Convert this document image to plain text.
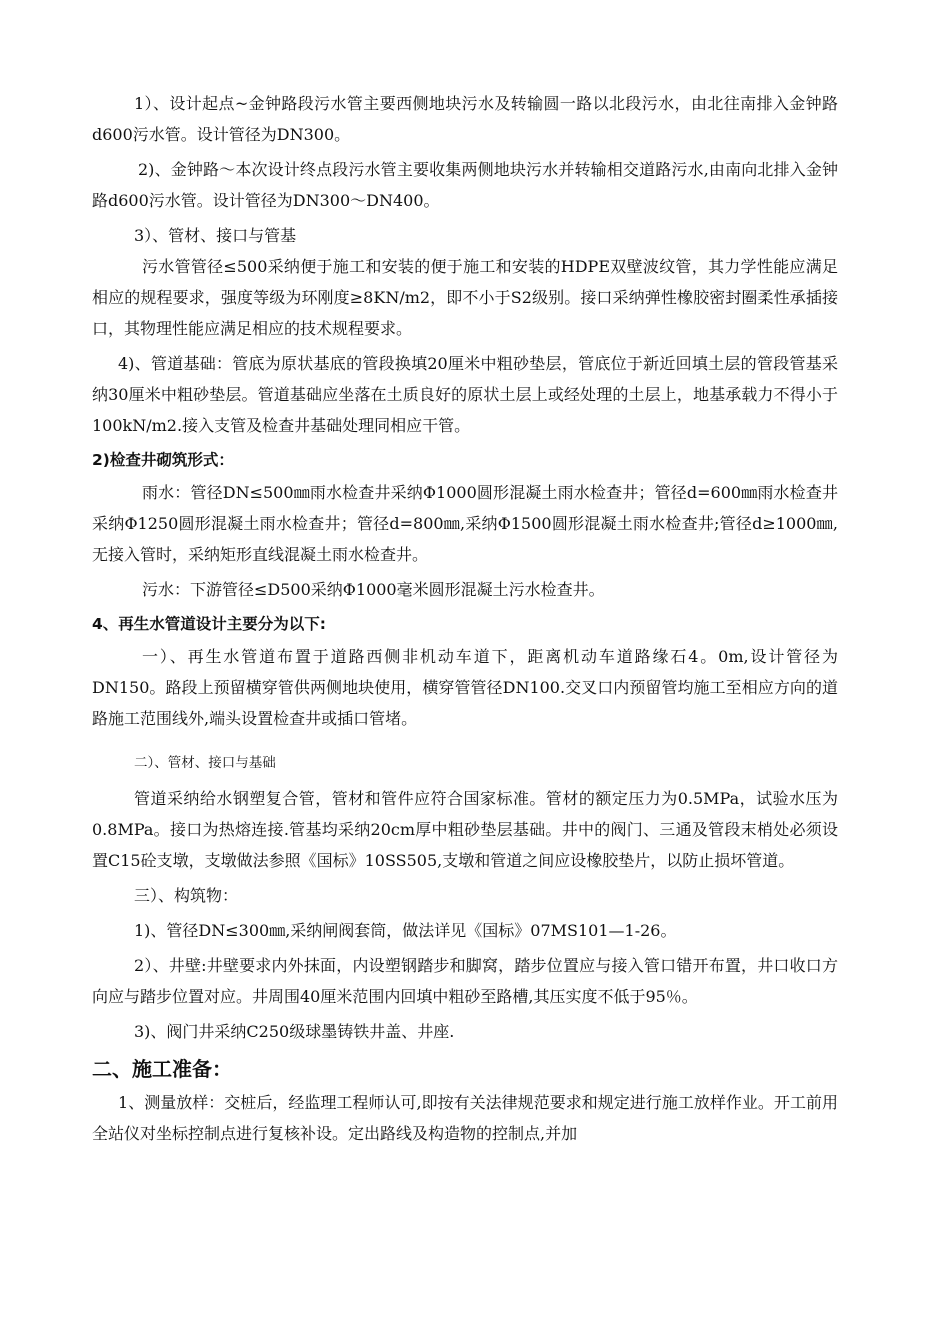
1）、设计起点~金钟路段污水管主要西侧地块污水及转输圆一路以北段污水，由北往南排入金钟路d600污水管。设计管径为DN300。

2)、金钟路～本次设计终点段污水管主要收集两侧地块污水并转输相交道路污水,由南向北排入金钟路d600污水管。设计管径为DN300～DN400。

3）、管材、接口与管基

污水管管径≤500采纳便于施工和安装的便于施工和安装的HDPE双壁波纹管，其力学性能应满足相应的规程要求，强度等级为环刚度≥8KN/m2，即不小于S2级别。接口采纳弹性橡胶密封圈柔性承插接口，其物理性能应满足相应的技术规程要求。

4)、管道基础：管底为原状基底的管段换填20厘米中粗砂垫层，管底位于新近回填土层的管段管基采纳30厘米中粗砂垫层。管道基础应坐落在土质良好的原状土层上或经处理的土层上，地基承载力不得小于100kN/m2.接入支管及检查井基础处理同相应干管。

2)检查井砌筑形式：

雨水：管径DN≤500㎜雨水检查井采纳Φ1000圆形混凝土雨水检查井；管径d=600㎜雨水检查井采纳Φ1250圆形混凝土雨水检查井；管径d=800㎜,采纳Φ1500圆形混凝土雨水检查井;管径d≥1000㎜,无接入管时，采纳矩形直线混凝土雨水检查井。

污水：下游管径≤D500采纳Φ1000毫米圆形混凝土污水检查井。

4、再生水管道设计主要分为以下:

一）、再生水管道布置于道路西侧非机动车道下，距离机动车道路缘石4。0m,设计管径为DN150。路段上预留横穿管供两侧地块使用，横穿管管径DN100.交叉口内预留管均施工至相应方向的道路施工范围线外,端头设置检查井或插口管堵。

二）、管材、接口与基础

管道采纳给水钢塑复合管，管材和管件应符合国家标准。管材的额定压力为0.5MPa，试验水压为0.8MPa。接口为热熔连接.管基均采纳20cm厚中粗砂垫层基础。井中的阀门、三通及管段末梢处必须设置C15砼支墩，支墩做法参照《国标》10SS505,支墩和管道之间应设橡胶垫片，以防止损坏管道。

三）、构筑物：

1)、管径DN≤300㎜,采纳闸阀套筒，做法详见《国标》07MS101—1-26。

2）、井壁:井壁要求内外抹面，内设塑钢踏步和脚窝，踏步位置应与接入管口错开布置，井口收口方向应与踏步位置对应。井周围40厘米范围内回填中粗砂至路槽,其压实度不低于95％。

3)、阀门井采纳C250级球墨铸铁井盖、井座.

二、施工准备：

1、测量放样：交桩后，经监理工程师认可,即按有关法律规范要求和规定进行施工放样作业。开工前用全站仪对坐标控制点进行复核补设。定出路线及构造物的控制点,并加
